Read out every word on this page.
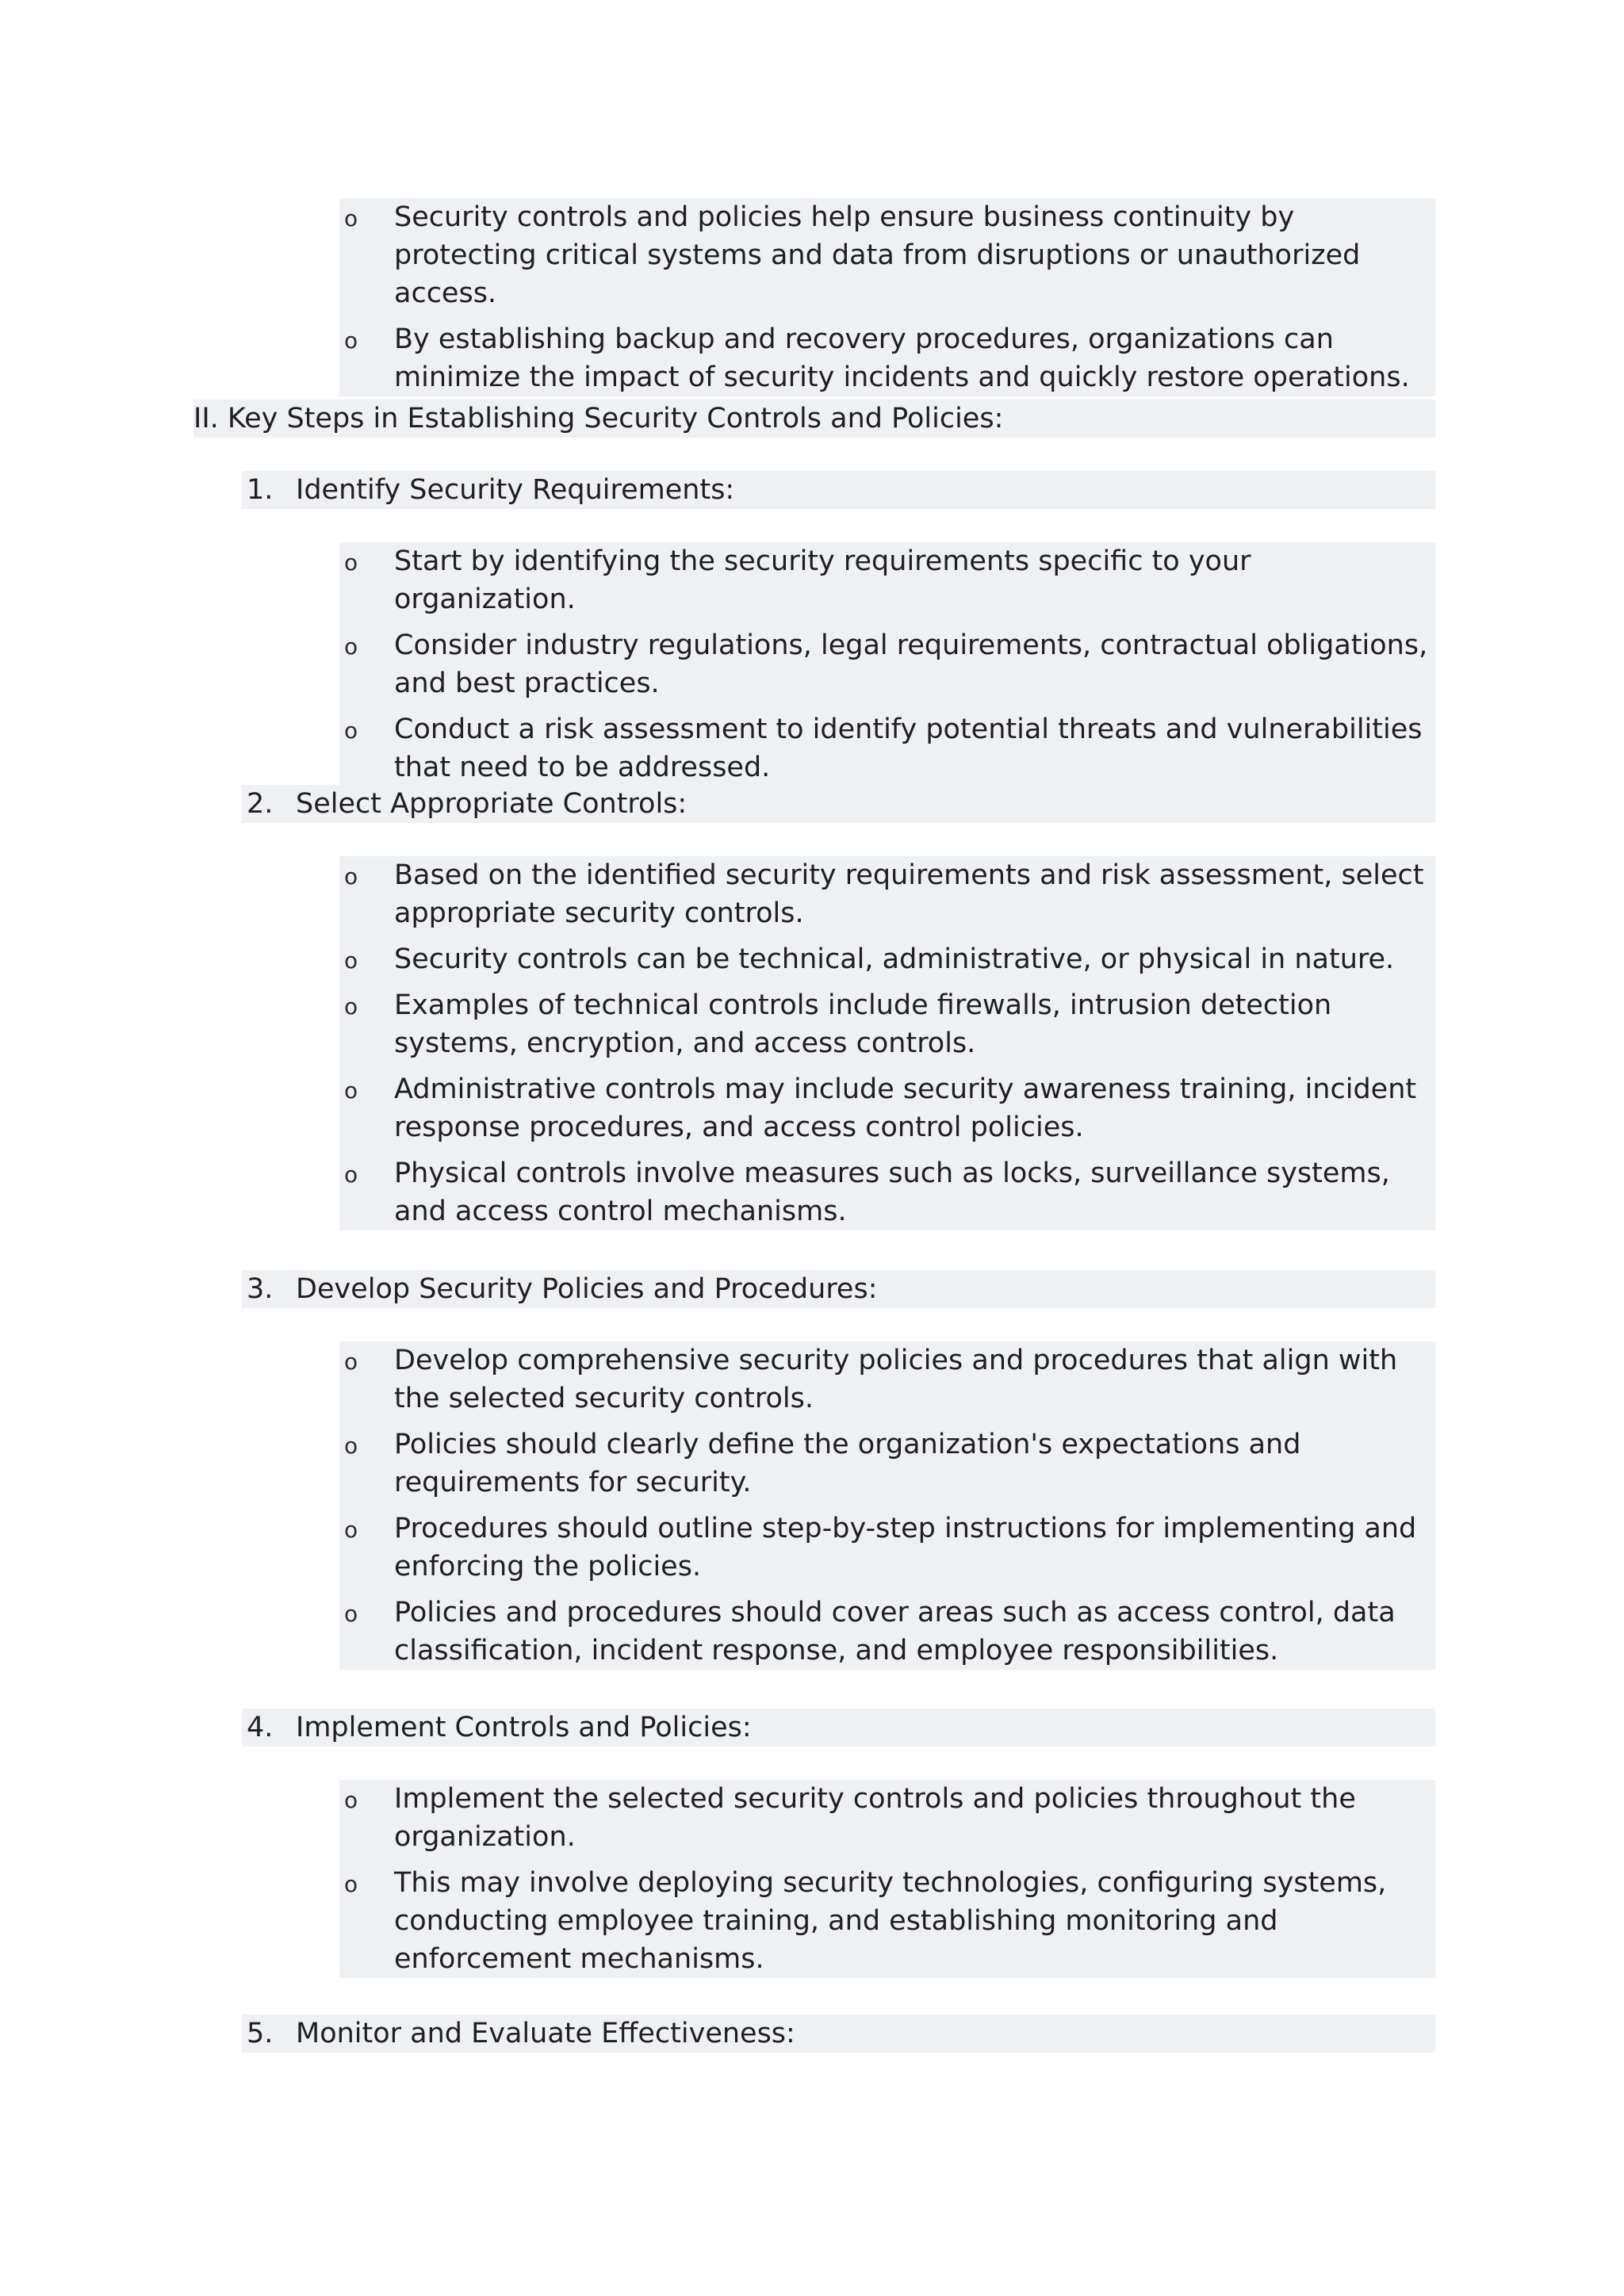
o Security controls and policies help ensure business continuity by protecting critical systems and data from disruptions or unauthorized access.
o By establishing backup and recovery procedures, organizations can minimize the impact of security incidents and quickly restore operations.
II. Key Steps in Establishing Security Controls and Policies:
1. Identify Security Requirements:
o Start by identifying the security requirements specific to your organization.
o Consider industry regulations, legal requirements, contractual obligations, and best practices.
o Conduct a risk assessment to identify potential threats and vulnerabilities that need to be addressed.
2. Select Appropriate Controls:
o Based on the identified security requirements and risk assessment, select appropriate security controls.
o Security controls can be technical, administrative, or physical in nature.
o Examples of technical controls include firewalls, intrusion detection systems, encryption, and access controls.
o Administrative controls may include security awareness training, incident response procedures, and access control policies.
o Physical controls involve measures such as locks, surveillance systems, and access control mechanisms.
3. Develop Security Policies and Procedures:
o Develop comprehensive security policies and procedures that align with the selected security controls.
o Policies should clearly define the organization's expectations and requirements for security.
o Procedures should outline step-by-step instructions for implementing and enforcing the policies.
o Policies and procedures should cover areas such as access control, data classification, incident response, and employee responsibilities.
4. Implement Controls and Policies:
o Implement the selected security controls and policies throughout the organization.
o This may involve deploying security technologies, configuring systems, conducting employee training, and establishing monitoring and enforcement mechanisms.
5. Monitor and Evaluate Effectiveness:
